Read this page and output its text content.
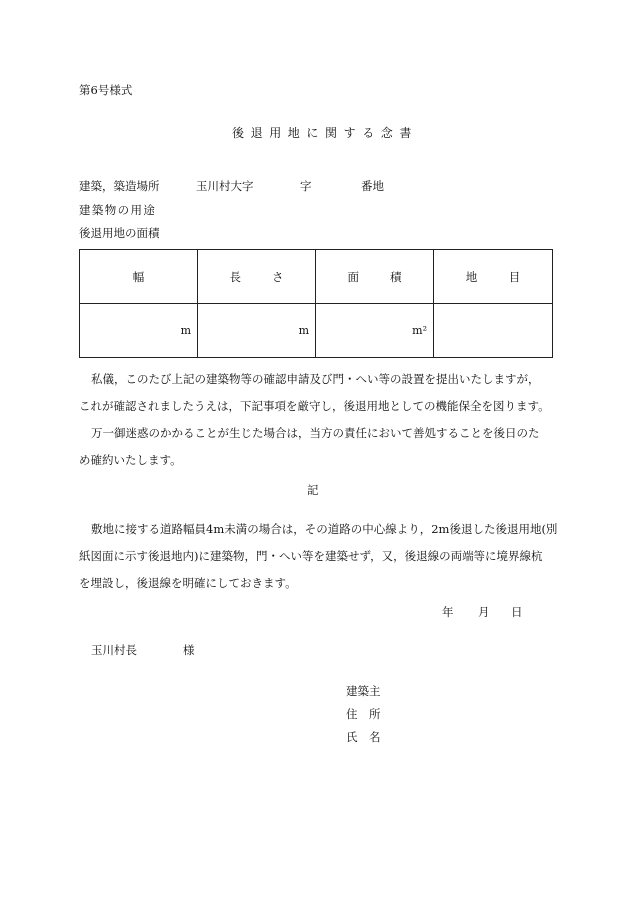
第6号様式
後退用地に関する念書
建築，築造場所	玉川村大字	字	番地
建築物の用途
後退用地の面積
幅	長 さ	面 積	地 目

m	m	m²	

私儀，このたび上記の建築物等の確認申請及び門・へい等の設置を提出いたしますが，
これが確認されましたうえは，下記事項を厳守し，後退用地としての機能保全を図ります。
万一御迷惑のかかることが生じた場合は，当方の責任において善処することを後日のた
め確約いたします。
記
敷地に接する道路幅員4m未満の場合は，その道路の中心線より，2m後退した後退用地(別
紙図面に示す後退地内)に建築物，門・へい等を建築せず，又，後退線の両端等に境界線杭
を埋設し，後退線を明確にしておきます。
年 月 日
玉川村長	様
建築主
住　所
氏　名
